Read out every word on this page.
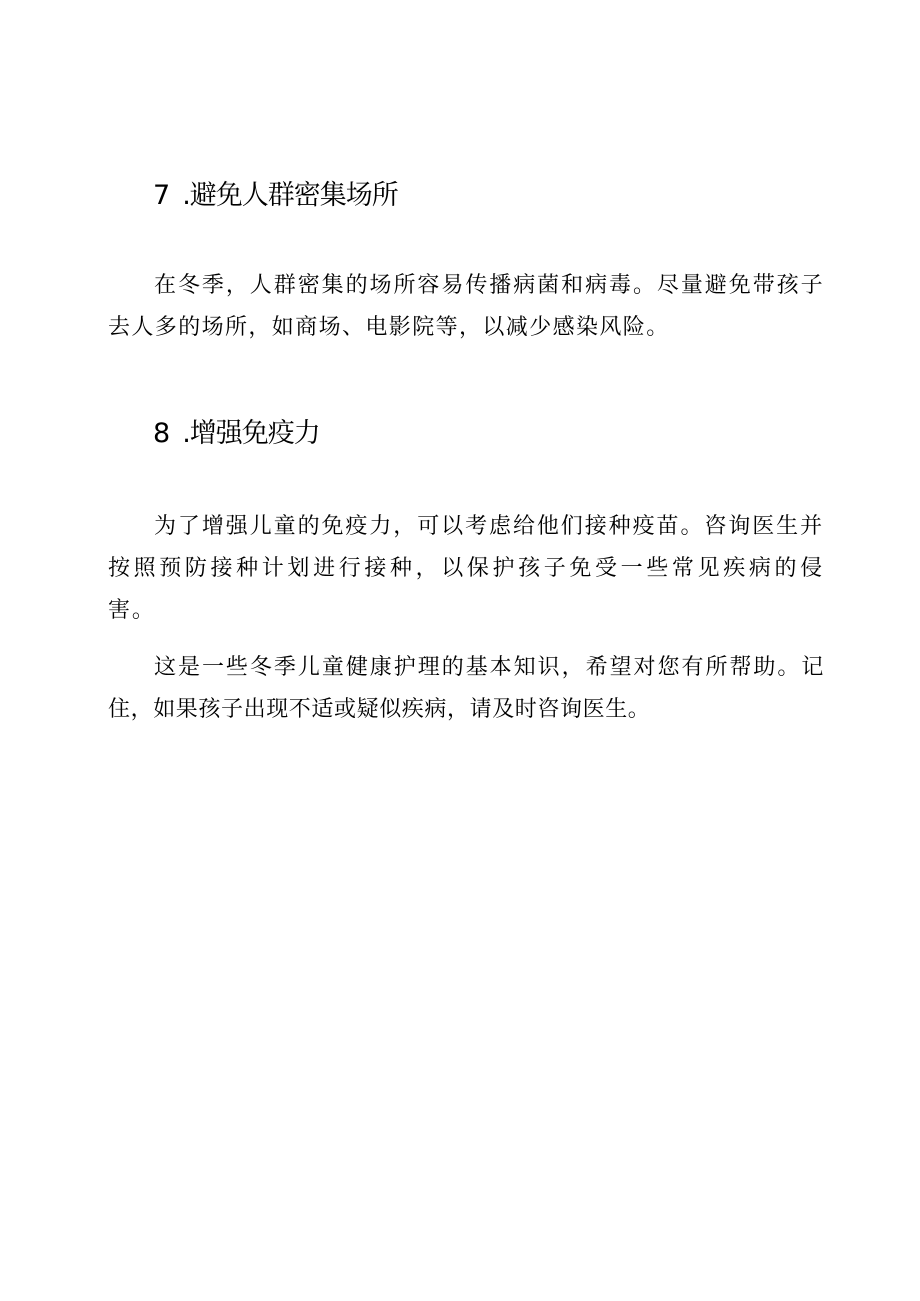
7 .避免人群密集场所

在冬季，人群密集的场所容易传播病菌和病毒。尽量避免带孩子去人多的场所，如商场、电影院等，以减少感染风险。

8 .增强免疫力

为了增强儿童的免疫力，可以考虑给他们接种疫苗。咨询医生并按照预防接种计划进行接种，以保护孩子免受一些常见疾病的侵害。

这是一些冬季儿童健康护理的基本知识，希望对您有所帮助。记住，如果孩子出现不适或疑似疾病，请及时咨询医生。
